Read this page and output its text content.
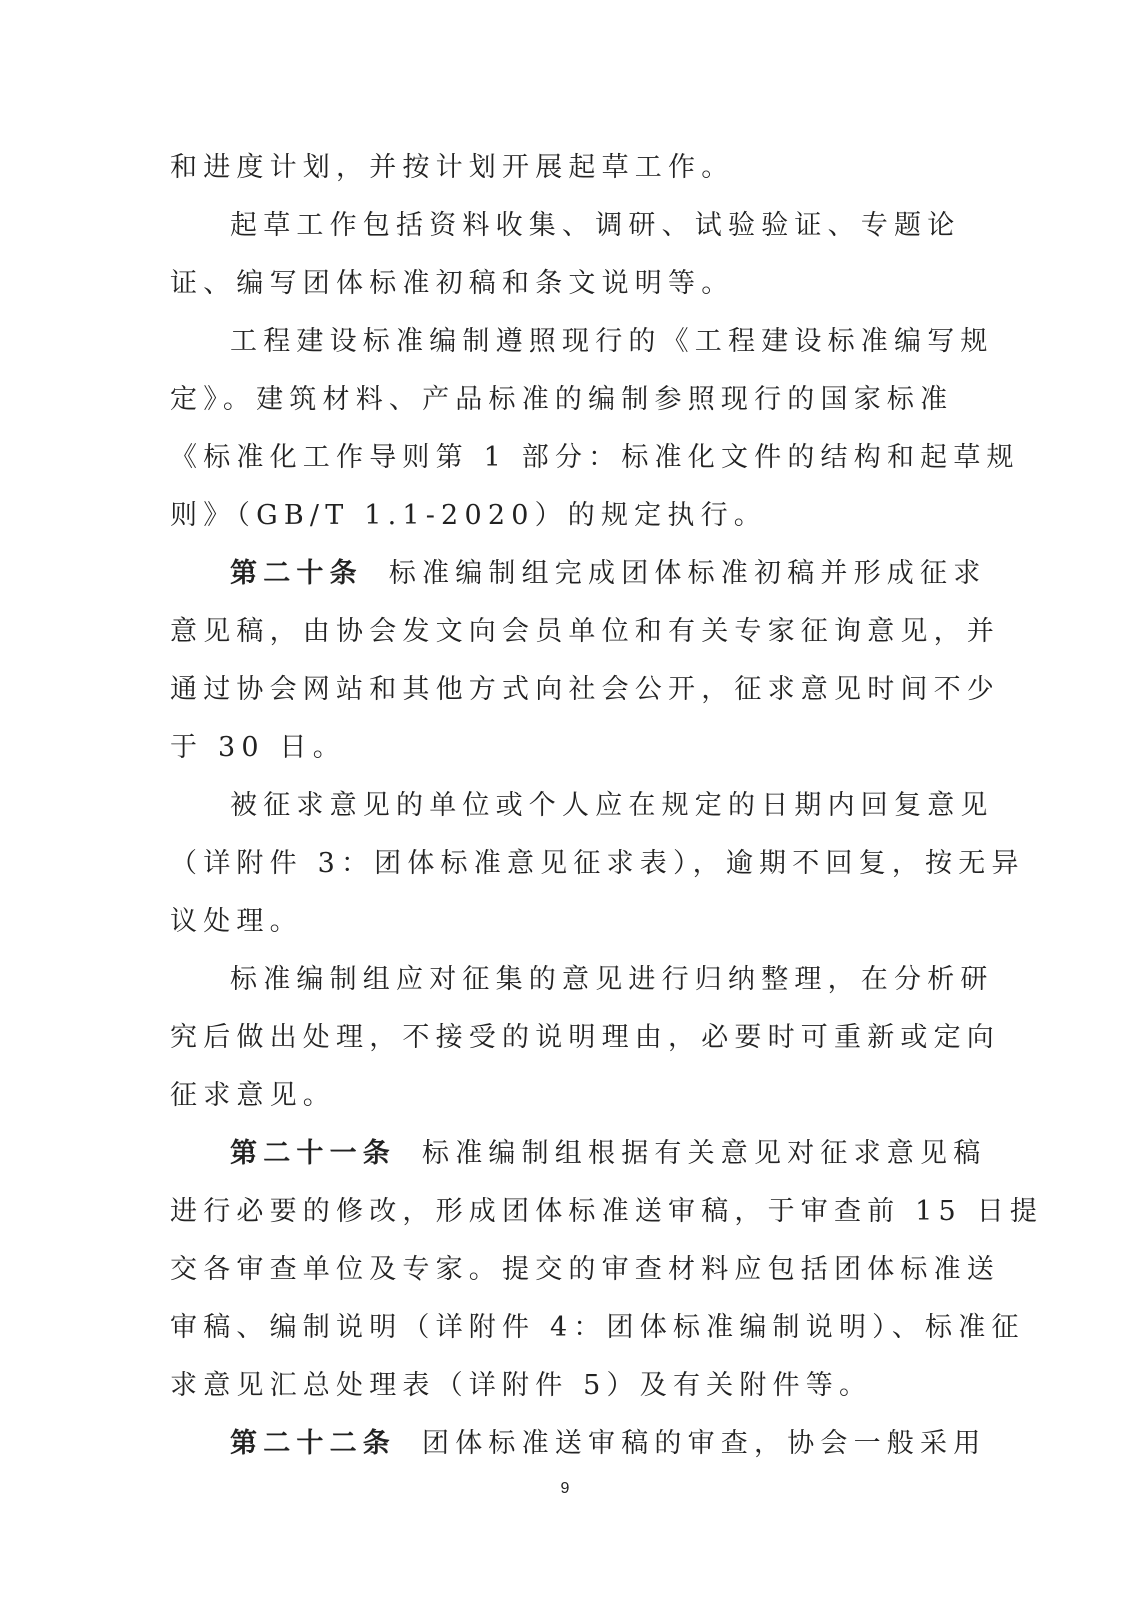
和进度计划，并按计划开展起草工作。
起草工作包括资料收集、调研、试验验证、专题论
证、编写团体标准初稿和条文说明等。
工程建设标准编制遵照现行的《工程建设标准编写规
定》。建筑材料、产品标准的编制参照现行的国家标准
《标准化工作导则第 1 部分：标准化文件的结构和起草规
则》（GB/T 1.1-2020）的规定执行。
第二十条 标准编制组完成团体标准初稿并形成征求
意见稿，由协会发文向会员单位和有关专家征询意见，并
通过协会网站和其他方式向社会公开，征求意见时间不少
于 30 日。
被征求意见的单位或个人应在规定的日期内回复意见
（详附件 3：团体标准意见征求表），逾期不回复，按无异
议处理。
标准编制组应对征集的意见进行归纳整理，在分析研
究后做出处理，不接受的说明理由，必要时可重新或定向
征求意见。
第二十一条 标准编制组根据有关意见对征求意见稿
进行必要的修改，形成团体标准送审稿，于审查前 15 日提
交各审查单位及专家。提交的审查材料应包括团体标准送
审稿、编制说明（详附件 4：团体标准编制说明）、标准征
求意见汇总处理表（详附件 5）及有关附件等。
第二十二条 团体标准送审稿的审查，协会一般采用
9
